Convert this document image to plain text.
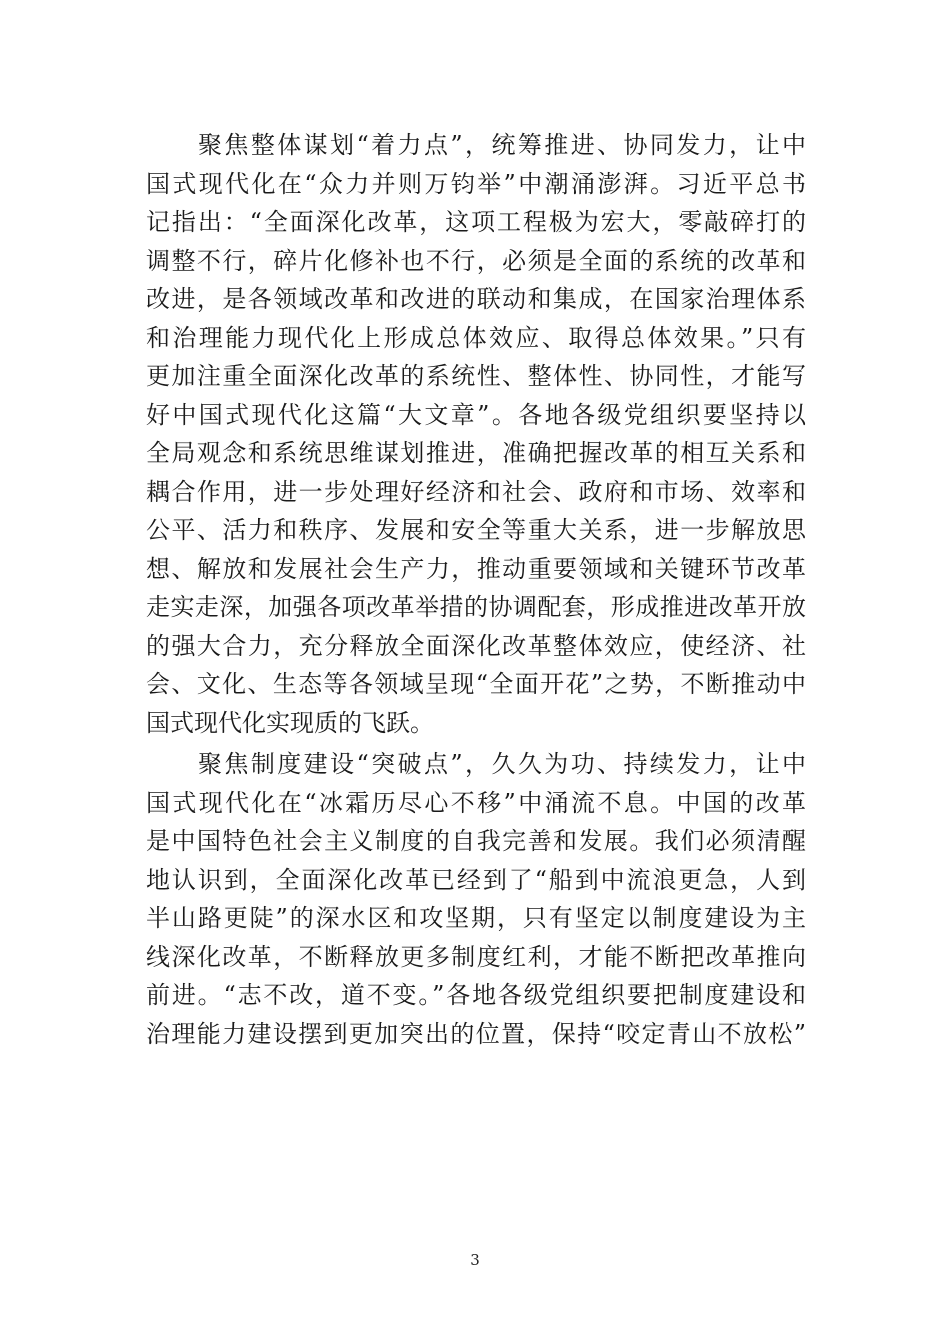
聚焦整体谋划“着力点”，统筹推进、协同发力，让中
国式现代化在“众力并则万钧举”中潮涌澎湃。习近平总书
记指出：“全面深化改革，这项工程极为宏大，零敲碎打的
调整不行，碎片化修补也不行，必须是全面的系统的改革和
改进，是各领域改革和改进的联动和集成，在国家治理体系
和治理能力现代化上形成总体效应、取得总体效果。”只有
更加注重全面深化改革的系统性、整体性、协同性，才能写
好中国式现代化这篇“大文章”。各地各级党组织要坚持以
全局观念和系统思维谋划推进，准确把握改革的相互关系和
耦合作用，进一步处理好经济和社会、政府和市场、效率和
公平、活力和秩序、发展和安全等重大关系，进一步解放思
想、解放和发展社会生产力，推动重要领域和关键环节改革
走实走深，加强各项改革举措的协调配套，形成推进改革开放
的强大合力，充分释放全面深化改革整体效应，使经济、社
会、文化、生态等各领域呈现“全面开花”之势，不断推动中
国式现代化实现质的飞跃。
聚焦制度建设“突破点”，久久为功、持续发力，让中
国式现代化在“冰霜历尽心不移”中涌流不息。中国的改革
是中国特色社会主义制度的自我完善和发展。我们必须清醒
地认识到，全面深化改革已经到了“船到中流浪更急，人到
半山路更陡”的深水区和攻坚期，只有坚定以制度建设为主
线深化改革，不断释放更多制度红利，才能不断把改革推向
前进。“志不改，道不变。”各地各级党组织要把制度建设和
治理能力建设摆到更加突出的位置，保持“咬定青山不放松”
3
